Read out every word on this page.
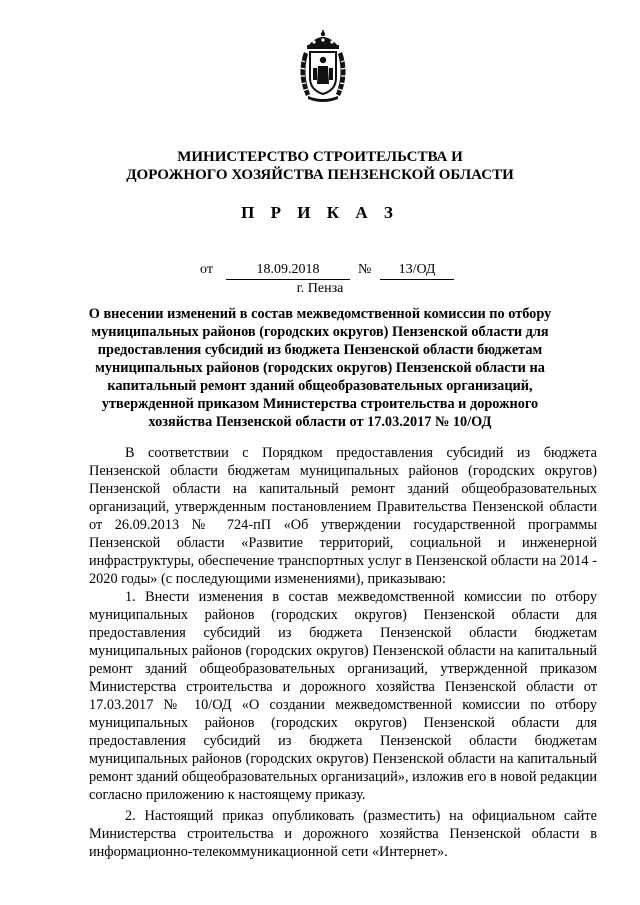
МИНИСТЕРСТВО СТРОИТЕЛЬСТВА И
ДОРОЖНОГО ХОЗЯЙСТВА ПЕНЗЕНСКОЙ ОБЛАСТИ
П Р И К А З
от	18.09.2018	№	13/ОД
г. Пенза
О внесении изменений в состав межведомственной комиссии по отбору
муниципальных районов (городских округов) Пензенской области для
предоставления субсидий из бюджета Пензенской области бюджетам
муниципальных районов (городских округов) Пензенской области на
капитальный ремонт зданий общеобразовательных организаций,
утвержденной приказом Министерства строительства и дорожного
хозяйства Пензенской области от 17.03.2017 № 10/ОД

В соответствии с Порядком предоставления субсидий из бюджета Пензенской области бюджетам муниципальных районов (городских округов) Пензенской области на капитальный ремонт зданий общеобразовательных организаций, утвержденным постановлением Правительства Пензенской области от 26.09.2013 № 724-пП «Об утверждении государственной программы Пензенской области «Развитие территорий, социальной и инженерной инфраструктуры, обеспечение транспортных услуг в Пензенской области на 2014 - 2020 годы» (с последующими изменениями), приказываю:

1. Внести изменения в состав межведомственной комиссии по отбору муниципальных районов (городских округов) Пензенской области для предоставления субсидий из бюджета Пензенской области бюджетам муниципальных районов (городских округов) Пензенской области на капитальный ремонт зданий общеобразовательных организаций, утвержденной приказом Министерства строительства и дорожного хозяйства Пензенской области от 17.03.2017 № 10/ОД «О создании межведомственной комиссии по отбору муниципальных районов (городских округов) Пензенской области для предоставления субсидий из бюджета Пензенской области бюджетам муниципальных районов (городских округов) Пензенской области на капитальный ремонт зданий общеобразовательных организаций», изложив его в новой редакции согласно приложению к настоящему приказу.

2. Настоящий приказ опубликовать (разместить) на официальном сайте Министерства строительства и дорожного хозяйства Пензенской области в информационно-телекоммуникационной сети «Интернет».
